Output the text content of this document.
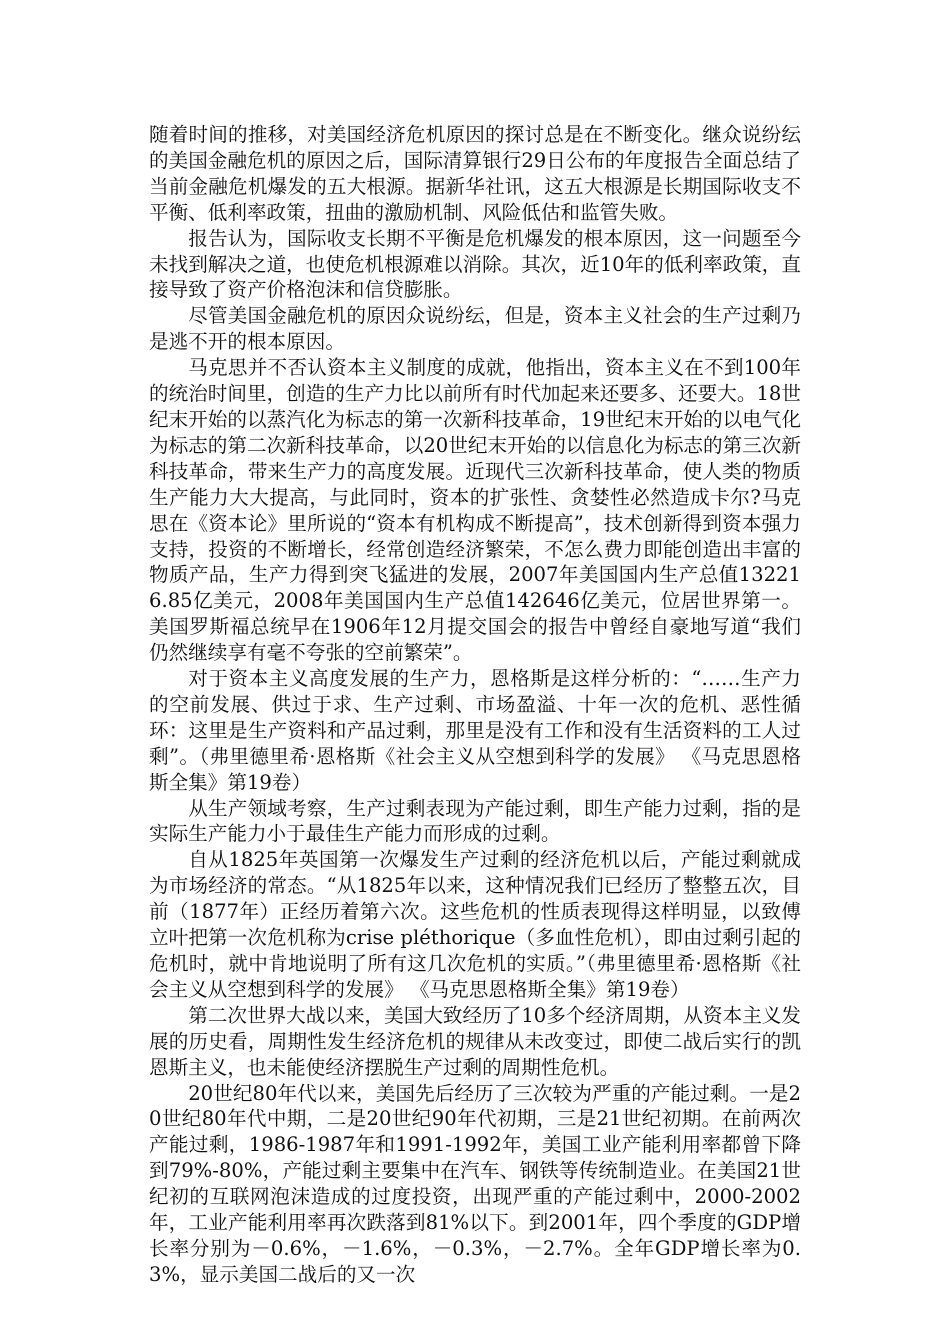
随着时间的推移，对美国经济危机原因的探讨总是在不断变化。继众说纷纭的美国金融危机的原因之后，国际清算银行29日公布的年度报告全面总结了当前金融危机爆发的五大根源。据新华社讯，这五大根源是长期国际收支不平衡、低利率政策，扭曲的激励机制、风险低估和监管失败。

报告认为，国际收支长期不平衡是危机爆发的根本原因，这一问题至今未找到解决之道，也使危机根源难以消除。其次，近10年的低利率政策，直接导致了资产价格泡沫和信贷膨胀。

尽管美国金融危机的原因众说纷纭，但是，资本主义社会的生产过剩乃是逃不开的根本原因。

马克思并不否认资本主义制度的成就，他指出，资本主义在不到100年的统治时间里，创造的生产力比以前所有时代加起来还要多、还要大。18世纪末开始的以蒸汽化为标志的第一次新科技革命，19世纪末开始的以电气化为标志的第二次新科技革命，以20世纪末开始的以信息化为标志的第三次新科技革命，带来生产力的高度发展。近现代三次新科技革命，使人类的物质生产能力大大提高，与此同时，资本的扩张性、贪婪性必然造成卡尔?马克思在《资本论》里所说的“资本有机构成不断提高”，技术创新得到资本强力支持，投资的不断增长，经常创造经济繁荣，不怎么费力即能创造出丰富的物质产品，生产力得到突飞猛进的发展，2007年美国国内生产总值132216.85亿美元，2008年美国国内生产总值142646亿美元，位居世界第一。美国罗斯福总统早在1906年12月提交国会的报告中曾经自豪地写道“我们仍然继续享有毫不夸张的空前繁荣”。

对于资本主义高度发展的生产力，恩格斯是这样分析的：“……生产力的空前发展、供过于求、生产过剩、市场盈溢、十年一次的危机、恶性循环：这里是生产资料和产品过剩，那里是没有工作和没有生活资料的工人过剩”。（弗里德里希·恩格斯《社会主义从空想到科学的发展》 《马克思恩格斯全集》第19卷）

从生产领域考察，生产过剩表现为产能过剩，即生产能力过剩，指的是实际生产能力小于最佳生产能力而形成的过剩。

自从1825年英国第一次爆发生产过剩的经济危机以后，产能过剩就成为市场经济的常态。“从1825年以来，这种情况我们已经历了整整五次，目前（1877年）正经历着第六次。这些危机的性质表现得这样明显，以致傅立叶把第一次危机称为crise pléthorique（多血性危机），即由过剩引起的危机时，就中肯地说明了所有这几次危机的实质。”（弗里德里希·恩格斯《社会主义从空想到科学的发展》 《马克思恩格斯全集》第19卷）

第二次世界大战以来，美国大致经历了10多个经济周期，从资本主义发展的历史看，周期性发生经济危机的规律从未改变过，即使二战后实行的凯恩斯主义，也未能使经济摆脱生产过剩的周期性危机。

20世纪80年代以来，美国先后经历了三次较为严重的产能过剩。一是20世纪80年代中期，二是20世纪90年代初期，三是21世纪初期。在前两次产能过剩，1986-1987年和1991-1992年，美国工业产能利用率都曾下降到79%-80%，产能过剩主要集中在汽车、钢铁等传统制造业。在美国21世纪初的互联网泡沫造成的过度投资，出现严重的产能过剩中，2000-2002年，工业产能利用率再次跌落到81%以下。到2001年，四个季度的GDP增长率分别为－0.6%，－1.6%，－0.3%，－2.7%。全年GDP增长率为0.3%，显示美国二战后的又一次
